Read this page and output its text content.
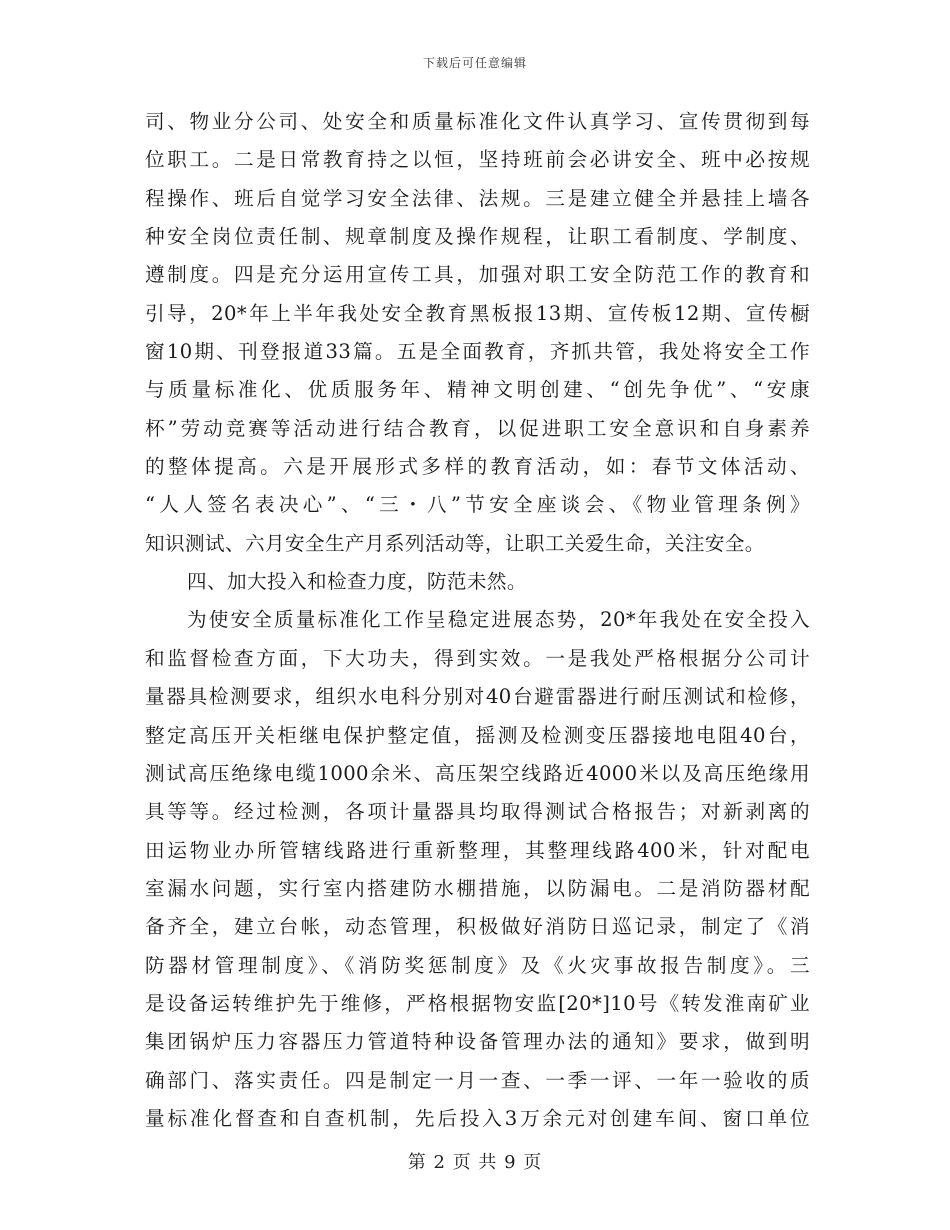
下载后可任意编辑
司、物业分公司、处安全和质量标准化文件认真学习、宣传贯彻到每
位职工。二是日常教育持之以恒，坚持班前会必讲安全、班中必按规
程操作、班后自觉学习安全法律、法规。三是建立健全并悬挂上墙各
种安全岗位责任制、规章制度及操作规程，让职工看制度、学制度、
遵制度。四是充分运用宣传工具，加强对职工安全防范工作的教育和
引导，20*年上半年我处安全教育黑板报13期、宣传板12期、宣传橱
窗10期、刊登报道33篇。五是全面教育，齐抓共管，我处将安全工作
与质量标准化、优质服务年、精神文明创建、“创先争优”、“安康
杯”劳动竞赛等活动进行结合教育，以促进职工安全意识和自身素养
的整体提高。六是开展形式多样的教育活动，如：春节文体活动、
“人人签名表决心”、“三・八”节安全座谈会、《物业管理条例》
知识测试、六月安全生产月系列活动等，让职工关爱生命，关注安全。
四、加大投入和检查力度，防范未然。
为使安全质量标准化工作呈稳定进展态势，20*年我处在安全投入
和监督检查方面，下大功夫，得到实效。一是我处严格根据分公司计
量器具检测要求，组织水电科分别对40台避雷器进行耐压测试和检修，
整定高压开关柜继电保护整定值，摇测及检测变压器接地电阻40台，
测试高压绝缘电缆1000余米、高压架空线路近4000米以及高压绝缘用
具等等。经过检测，各项计量器具均取得测试合格报告；对新剥离的
田运物业办所管辖线路进行重新整理，其整理线路400米，针对配电
室漏水问题，实行室内搭建防水棚措施，以防漏电。二是消防器材配
备齐全，建立台帐，动态管理，积极做好消防日巡记录，制定了《消
防器材管理制度》、《消防奖惩制度》及《火灾事故报告制度》。三
是设备运转维护先于维修，严格根据物安监[20*]10号《转发淮南矿业
集团锅炉压力容器压力管道特种设备管理办法的通知》要求，做到明
确部门、落实责任。四是制定一月一查、一季一评、一年一验收的质
量标准化督查和自查机制，先后投入3万余元对创建车间、窗口单位
第 2 页 共 9 页
